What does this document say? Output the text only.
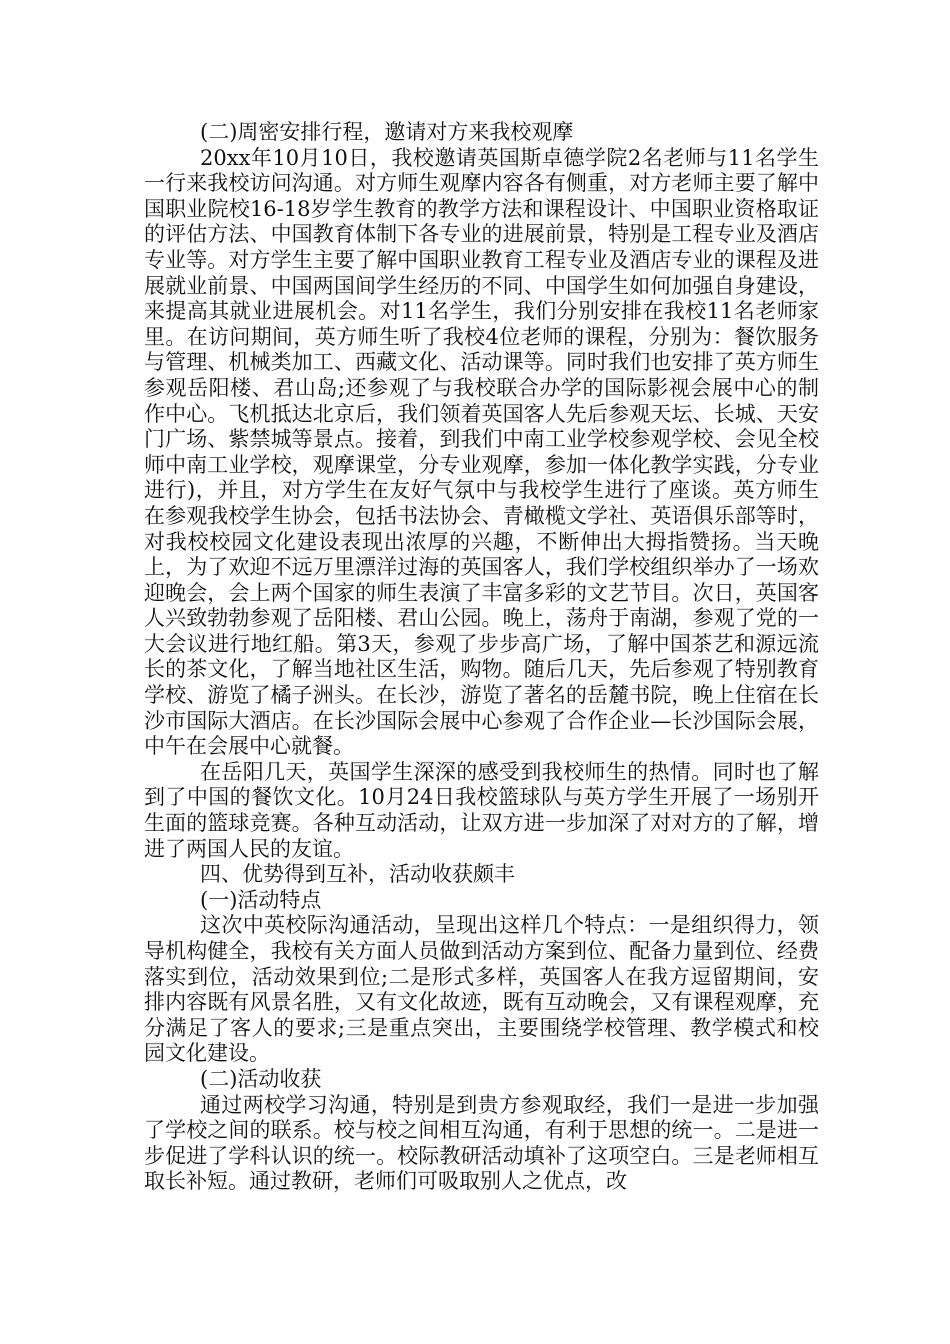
(二)周密安排行程，邀请对方来我校观摩

20xx年10月10日，我校邀请英国斯卓德学院2名老师与11名学生一行来我校访问沟通。对方师生观摩内容各有侧重，对方老师主要了解中国职业院校16-18岁学生教育的教学方法和课程设计、中国职业资格取证的评估方法、中国教育体制下各专业的进展前景，特别是工程专业及酒店专业等。对方学生主要了解中国职业教育工程专业及酒店专业的课程及进展就业前景、中国两国间学生经历的不同、中国学生如何加强自身建设，来提高其就业进展机会。对11名学生，我们分别安排在我校11名老师家里。在访问期间，英方师生听了我校4位老师的课程，分别为：餐饮服务与管理、机械类加工、西藏文化、活动课等。同时我们也安排了英方师生参观岳阳楼、君山岛;还参观了与我校联合办学的国际影视会展中心的制作中心。飞机抵达北京后，我们领着英国客人先后参观天坛、长城、天安门广场、紫禁城等景点。接着，到我们中南工业学校参观学校、会见全校师中南工业学校，观摩课堂，分专业观摩，参加一体化教学实践，分专业进行)，并且，对方学生在友好气氛中与我校学生进行了座谈。英方师生在参观我校学生协会，包括书法协会、青橄榄文学社、英语俱乐部等时，对我校校园文化建设表现出浓厚的兴趣，不断伸出大拇指赞扬。当天晚上，为了欢迎不远万里漂洋过海的英国客人，我们学校组织举办了一场欢迎晚会，会上两个国家的师生表演了丰富多彩的文艺节目。次日，英国客人兴致勃勃参观了岳阳楼、君山公园。晚上，荡舟于南湖，参观了党的一大会议进行地红船。第3天，参观了步步高广场，了解中国茶艺和源远流长的茶文化，了解当地社区生活，购物。随后几天，先后参观了特别教育学校、游览了橘子洲头。在长沙，游览了著名的岳麓书院，晚上住宿在长沙市国际大酒店。在长沙国际会展中心参观了合作企业—长沙国际会展，中午在会展中心就餐。

在岳阳几天，英国学生深深的感受到我校师生的热情。同时也了解到了中国的餐饮文化。10月24日我校篮球队与英方学生开展了一场别开生面的篮球竞赛。各种互动活动，让双方进一步加深了对对方的了解，增进了两国人民的友谊。

四、优势得到互补，活动收获颇丰

(一)活动特点

这次中英校际沟通活动，呈现出这样几个特点：一是组织得力，领导机构健全，我校有关方面人员做到活动方案到位、配备力量到位、经费落实到位，活动效果到位;二是形式多样，英国客人在我方逗留期间，安排内容既有风景名胜，又有文化故迹，既有互动晚会，又有课程观摩，充分满足了客人的要求;三是重点突出，主要围绕学校管理、教学模式和校园文化建设。

(二)活动收获

通过两校学习沟通，特别是到贵方参观取经，我们一是进一步加强了学校之间的联系。校与校之间相互沟通，有利于思想的统一。二是进一步促进了学科认识的统一。校际教研活动填补了这项空白。三是老师相互取长补短。通过教研，老师们可吸取别人之优点，改
